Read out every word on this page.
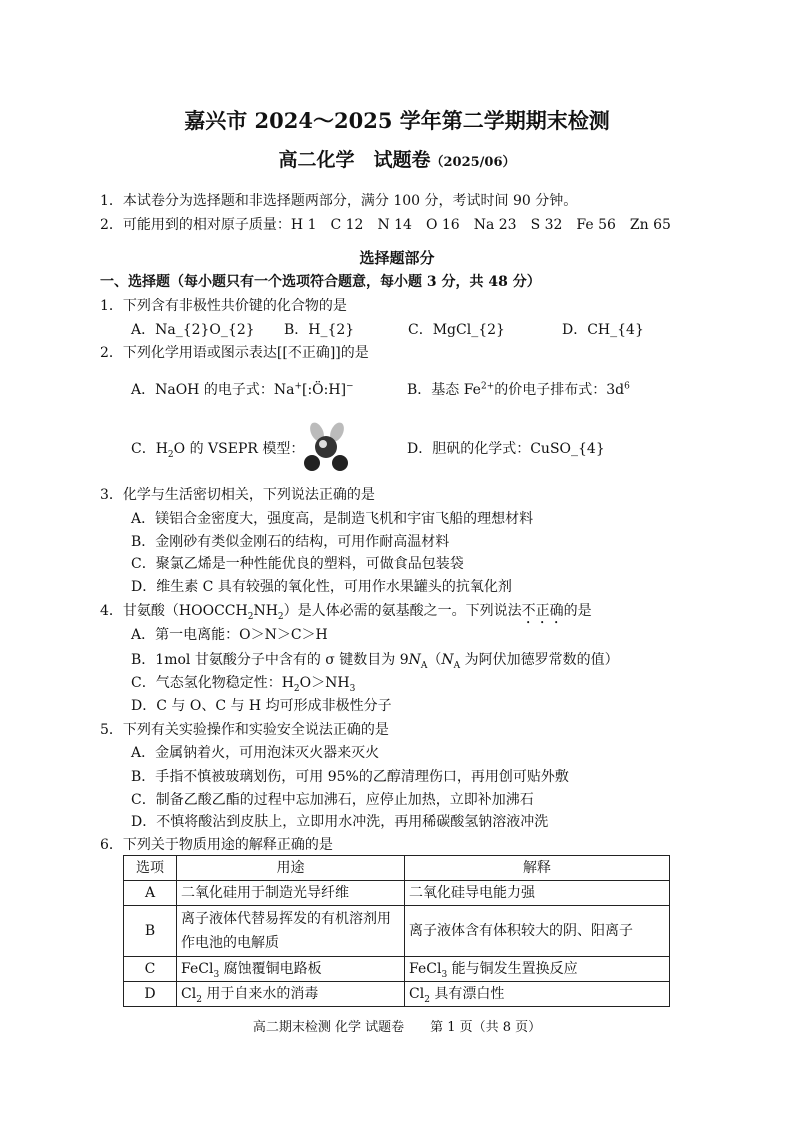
嘉兴市 2024～2025 学年第二学期期末检测
高二化学　试题卷（2025/06）
1．本试卷分为选择题和非选择题两部分，满分 100 分，考试时间 90 分钟。
2．可能用到的相对原子质量：H 1　C 12　N 14　O 16　Na 23　S 32　Fe 56　Zn 65
选择题部分
一、选择题（每小题只有一个选项符合题意，每小题 3 分，共 48 分）
1．下列含有非极性共价键的化合物的是
A．Na_{2}O_{2} B．H_{2}	C．MgCl_{2}	D．CH_{4}
2．下列化学用语或图示表达[[不正确]]的是
A．NaOH 的电子式：Na+[:Ö:H]−	B．基态 $Fe^{2+}$的价电子排布式：$3d^6$
C．$H_2O$ 的 VSEPR 模型：	D．胆矾的化学式：CuSO_{4}
3．化学与生活密切相关，下列说法正确的是
A．镁铝合金密度大，强度高，是制造飞机和宇宙飞船的理想材料
B．金刚砂有类似金刚石的结构，可用作耐高温材料
C．聚氯乙烯是一种性能优良的塑料，可做食品包装袋
D．维生素 C 具有较强的氧化性，可用作水果罐头的抗氧化剂
4．甘氨酸$(HOOCCH_2NH_2)$是人体必需的氨基酸之一。下列说法不正确的是
A．第一电离能：O＞N＞C＞H
B．1mol 甘氨酸分子中含有的 σ 键数目为 $9N_A(N_A$ 为阿伏加德罗常数的值）
C．气态氢化物稳定性：$H_2O>NH_3$
D．C 与 O、C 与 H 均可形成非极性分子
5．下列有关实验操作和实验安全说法正确的是
A．金属钠着火，可用泡沫灭火器来灭火
B．手指不慎被玻璃划伤，可用 95%的乙醇清理伤口，再用创可贴外敷
C．制备乙酸乙酯的过程中忘加沸石，应停止加热，立即补加沸石
D．不慎将酸沾到皮肤上，立即用水冲洗，再用稀碳酸氢钠溶液冲洗
6．下列关于物质用途的解释正确的是
选项	用途	解释
A	二氧化硅用于制造光导纤维	二氧化硅导电能力强
B	离子液体代替易挥发的有机溶剂用作电池的电解质	离子液体含有体积较大的阴、阳离子
C	FeCl$_3$ 腐蚀覆铜电路板	FeCl$_3$ 能与铜发生置换反应
D	$Cl_2$ 用于自来水的消毒	$Cl_2$ 具有漂白性
高二期末检测 化学 试题卷　　第 1 页（共 8 页）
